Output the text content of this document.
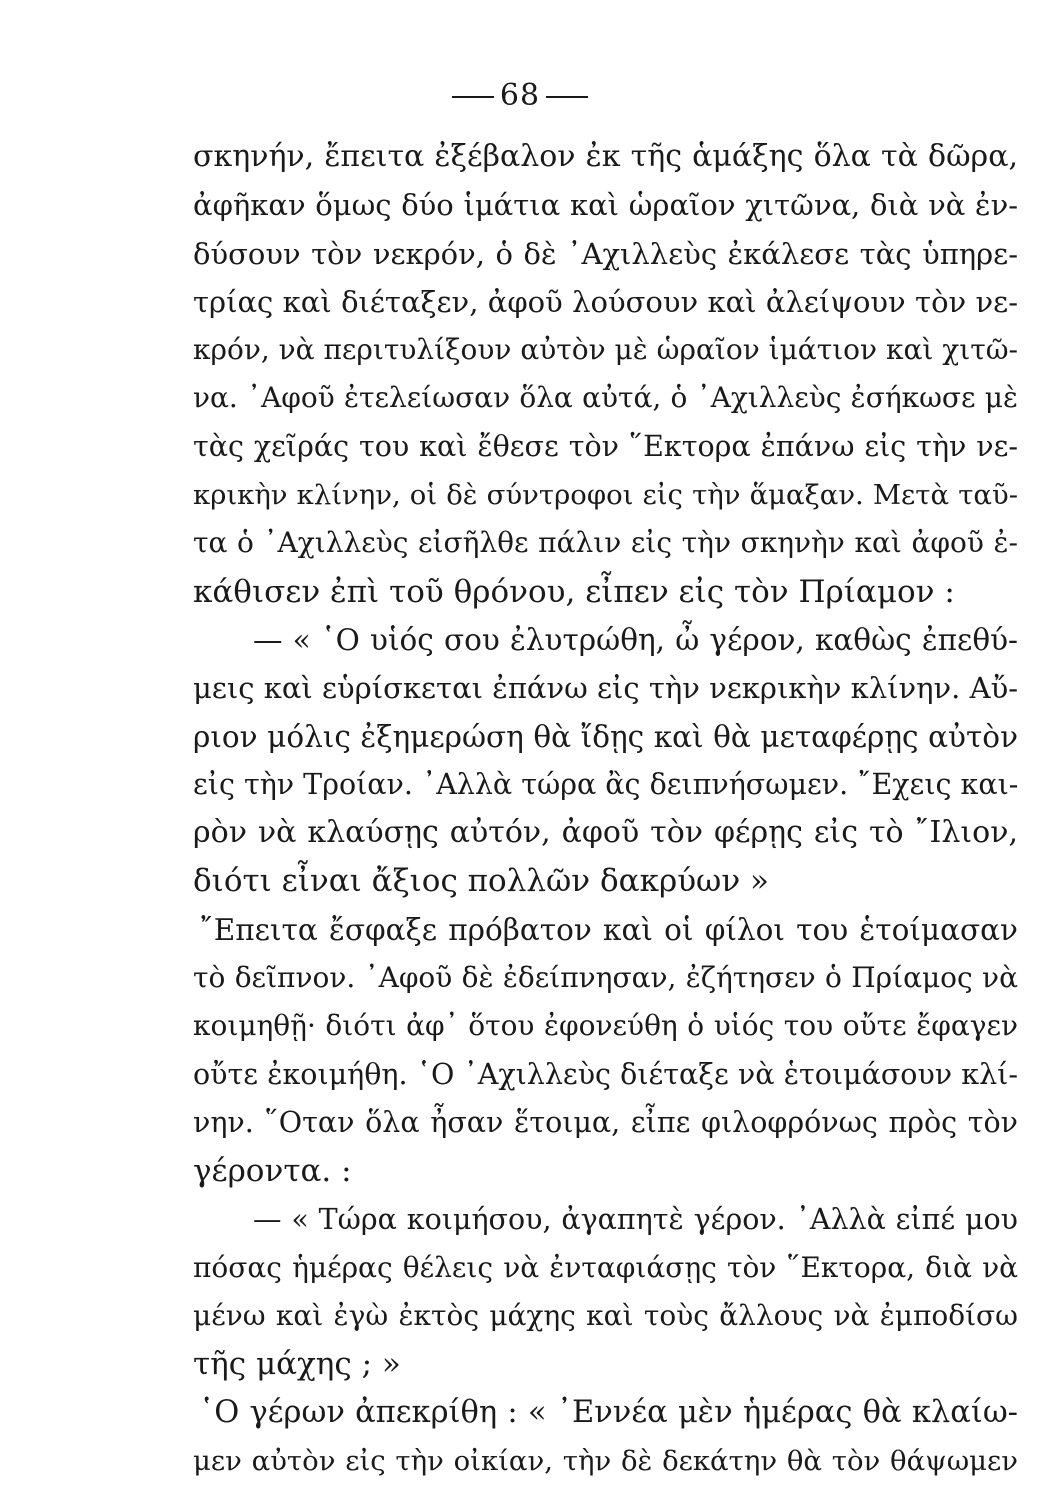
68
σκηνήν, ἔπειτα ἐξέβαλον ἐκ τῆς ἁμάξης ὅλα τὰ δῶρα,
ἀφῆκαν ὅμως δύο ἱμάτια καὶ ὡραῖον χιτῶνα, διὰ νὰ ἐν-
δύσουν τὸν νεκρόν, ὁ δὲ ᾿Αχιλλεὺς ἐκάλεσε τὰς ὑπηρε-
τρίας καὶ διέταξεν, ἀφοῦ λούσουν καὶ ἀλείψουν τὸν νε-
κρόν, νὰ περιτυλίξουν αὐτὸν μὲ ὡραῖον ἱμάτιον καὶ χιτῶ-
να. ᾿Αφοῦ ἐτελείωσαν ὅλα αὐτά, ὁ ᾿Αχιλλεὺς ἐσήκωσε μὲ
τὰς χεῖράς του καὶ ἔθεσε τὸν ῞Εκτορα ἐπάνω εἰς τὴν νε-
κρικὴν κλίνην, οἱ δὲ σύντροφοι εἰς τὴν ἅμαξαν. Μετὰ ταῦ-
τα ὁ ᾿Αχιλλεὺς εἰσῆλθε πάλιν εἰς τὴν σκηνὴν καὶ ἀφοῦ ἐ-
κάθισεν ἐπὶ τοῦ θρόνου, εἶπεν εἰς τὸν Πρίαμον :
— « ῾Ο υἱός σου ἐλυτρώθη, ὦ γέρον, καθὼς ἐπεθύ-
μεις καὶ εὑρίσκεται ἐπάνω εἰς τὴν νεκρικὴν κλίνην. Αὔ-
ριον μόλις ἐξημερώση θὰ ἴδῃς καὶ θὰ μεταφέρῃς αὐτὸν
εἰς τὴν Τροίαν. ᾿Αλλὰ τώρα ἂς δειπνήσωμεν. ῎Εχεις και-
ρὸν νὰ κλαύσῃς αὐτόν, ἀφοῦ τὸν φέρῃς εἰς τὸ ῎Ιλιον,
διότι εἶναι ἄξιος πολλῶν δακρύων »
῎Επειτα ἔσφαξε πρόβατον καὶ οἱ φίλοι του ἑτοίμασαν
τὸ δεῖπνον. ᾿Αφοῦ δὲ ἐδείπνησαν, ἐζήτησεν ὁ Πρίαμος νὰ
κοιμηθῇ· διότι ἀφ᾿ ὅτου ἐφονεύθη ὁ υἱός του οὔτε ἔφαγεν
οὔτε ἐκοιμήθη. ῾Ο ᾿Αχιλλεὺς διέταξε νὰ ἑτοιμάσουν κλί-
νην. ῞Οταν ὅλα ἦσαν ἕτοιμα, εἶπε φιλοφρόνως πρὸς τὸν
γέροντα. :
— « Τώρα κοιμήσου, ἀγαπητὲ γέρον. ᾿Αλλὰ εἰπέ μου
πόσας ἡμέρας θέλεις νὰ ἐνταφιάσῃς τὸν ῞Εκτορα, διὰ νὰ
μένω καὶ ἐγὼ ἐκτὸς μάχης καὶ τοὺς ἄλλους νὰ ἐμποδίσω
τῆς μάχης ; »
῾Ο γέρων ἀπεκρίθη : « ᾿Εννέα μὲν ἡμέρας θὰ κλαίω-
μεν αὐτὸν εἰς τὴν οἰκίαν, τὴν δὲ δεκάτην θὰ τὸν θάψωμεν
